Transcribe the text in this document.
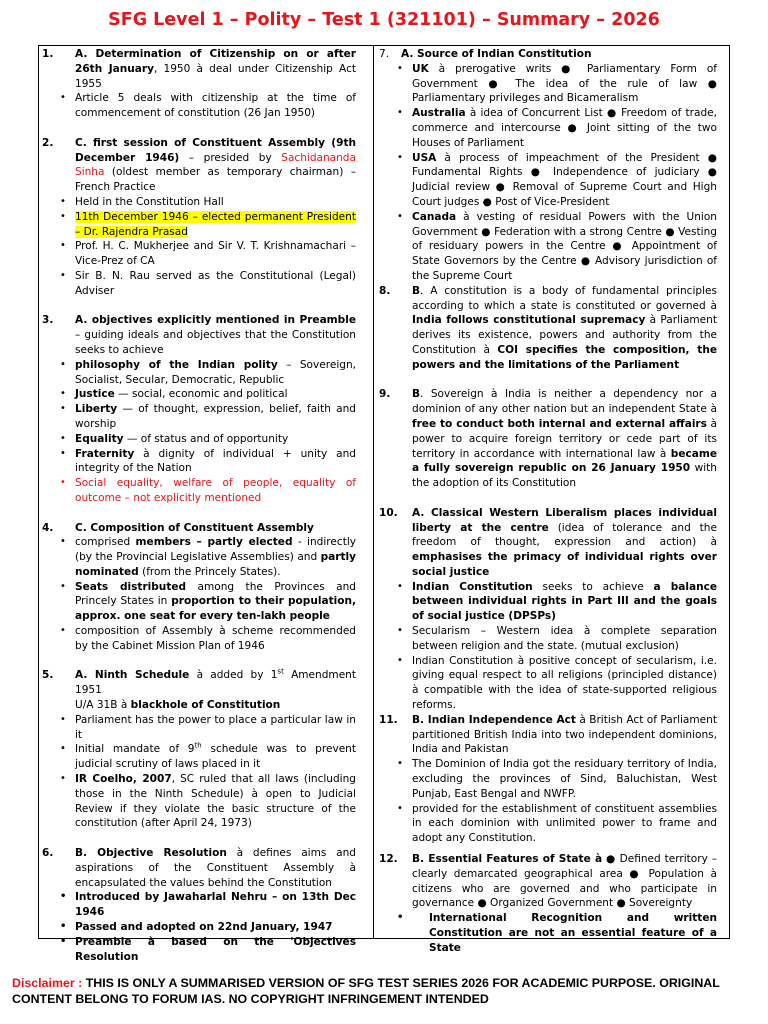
SFG Level 1 – Polity – Test 1 (321101) – Summary – 2026
1. A. Determination of Citizenship on or after 26th January, 1950 à deal under Citizenship Act 1955
• Article 5 deals with citizenship at the time of commencement of constitution (26 Jan 1950)
2. C. first session of Constituent Assembly (9th December 1946) – presided by Sachidananda Sinha (oldest member as temporary chairman) – French Practice
• Held in the Constitution Hall
• 11th December 1946 – elected permanent President – Dr. Rajendra Prasad
• Prof. H. C. Mukherjee and Sir V. T. Krishnamachari – Vice-Prez of CA
• Sir B. N. Rau served as the Constitutional (Legal) Adviser
3. A. objectives explicitly mentioned in Preamble – guiding ideals and objectives that the Constitution seeks to achieve
• philosophy of the Indian polity – Sovereign, Socialist, Secular, Democratic, Republic
• Justice — social, economic and political
• Liberty — of thought, expression, belief, faith and worship
• Equality — of status and of opportunity
• Fraternity à dignity of individual + unity and integrity of the Nation
• Social equality, welfare of people, equality of outcome – not explicitly mentioned
4. C. Composition of Constituent Assembly
• comprised members – partly elected - indirectly (by the Provincial Legislative Assemblies) and partly nominated (from the Princely States).
• Seats distributed among the Provinces and Princely States in proportion to their population, approx. one seat for every ten-lakh people
• composition of Assembly à scheme recommended by the Cabinet Mission Plan of 1946
5. A. Ninth Schedule à added by 1st Amendment 1951
U/A 31B à blackhole of Constitution
• Parliament has the power to place a particular law in it
• Initial mandate of 9th schedule was to prevent judicial scrutiny of laws placed in it
• IR Coelho, 2007, SC ruled that all laws (including those in the Ninth Schedule) à open to Judicial Review if they violate the basic structure of the constitution (after April 24, 1973)
6. B. Objective Resolution à defines aims and aspirations of the Constituent Assembly à encapsulated the values behind the Constitution
• Introduced by Jawaharlal Nehru – on 13th Dec 1946
• Passed and adopted on 22nd January, 1947
• Preamble à based on the 'Objectives Resolution
7. A. Source of Indian Constitution
• UK à prerogative writs ● Parliamentary Form of Government ● The idea of the rule of law ● Parliamentary privileges and Bicameralism
• Australia à idea of Concurrent List ● Freedom of trade, commerce and intercourse ● Joint sitting of the two Houses of Parliament
• USA à process of impeachment of the President ● Fundamental Rights ● Independence of judiciary ● Judicial review ● Removal of Supreme Court and High Court judges ● Post of Vice-President
• Canada à vesting of residual Powers with the Union Government ● Federation with a strong Centre ● Vesting of residuary powers in the Centre ● Appointment of State Governors by the Centre ● Advisory jurisdiction of the Supreme Court
8. B. A constitution is a body of fundamental principles according to which a state is constituted or governed à India follows constitutional supremacy à Parliament derives its existence, powers and authority from the Constitution à COI specifies the composition, the powers and the limitations of the Parliament
9. B. Sovereign à India is neither a dependency nor a dominion of any other nation but an independent State à free to conduct both internal and external affairs à power to acquire foreign territory or cede part of its territory in accordance with international law à became a fully sovereign republic on 26 January 1950 with the adoption of its Constitution
10. A. Classical Western Liberalism places individual liberty at the centre (idea of tolerance and the freedom of thought, expression and action) à emphasises the primacy of individual rights over social justice
• Indian Constitution seeks to achieve a balance between individual rights in Part III and the goals of social justice (DPSPs)
• Secularism – Western idea à complete separation between religion and the state. (mutual exclusion)
• Indian Constitution à positive concept of secularism, i.e. giving equal respect to all religions (principled distance) à compatible with the idea of state-supported religious reforms.
11. B. Indian Independence Act à British Act of Parliament partitioned British India into two independent dominions, India and Pakistan
• The Dominion of India got the residuary territory of India, excluding the provinces of Sind, Baluchistan, West Punjab, East Bengal and NWFP.
• provided for the establishment of constituent assemblies in each dominion with unlimited power to frame and adopt any Constitution.
12. B. Essential Features of State à ● Defined territory – clearly demarcated geographical area ● Population à citizens who are governed and who participate in governance ● Organized Government ● Sovereignty
• International Recognition and written Constitution are not an essential feature of a State
Disclaimer : THIS IS ONLY A SUMMARISED VERSION OF SFG TEST SERIES 2026 FOR ACADEMIC PURPOSE. ORIGINAL CONTENT BELONG TO FORUM IAS. NO COPYRIGHT INFRINGEMENT INTENDED
